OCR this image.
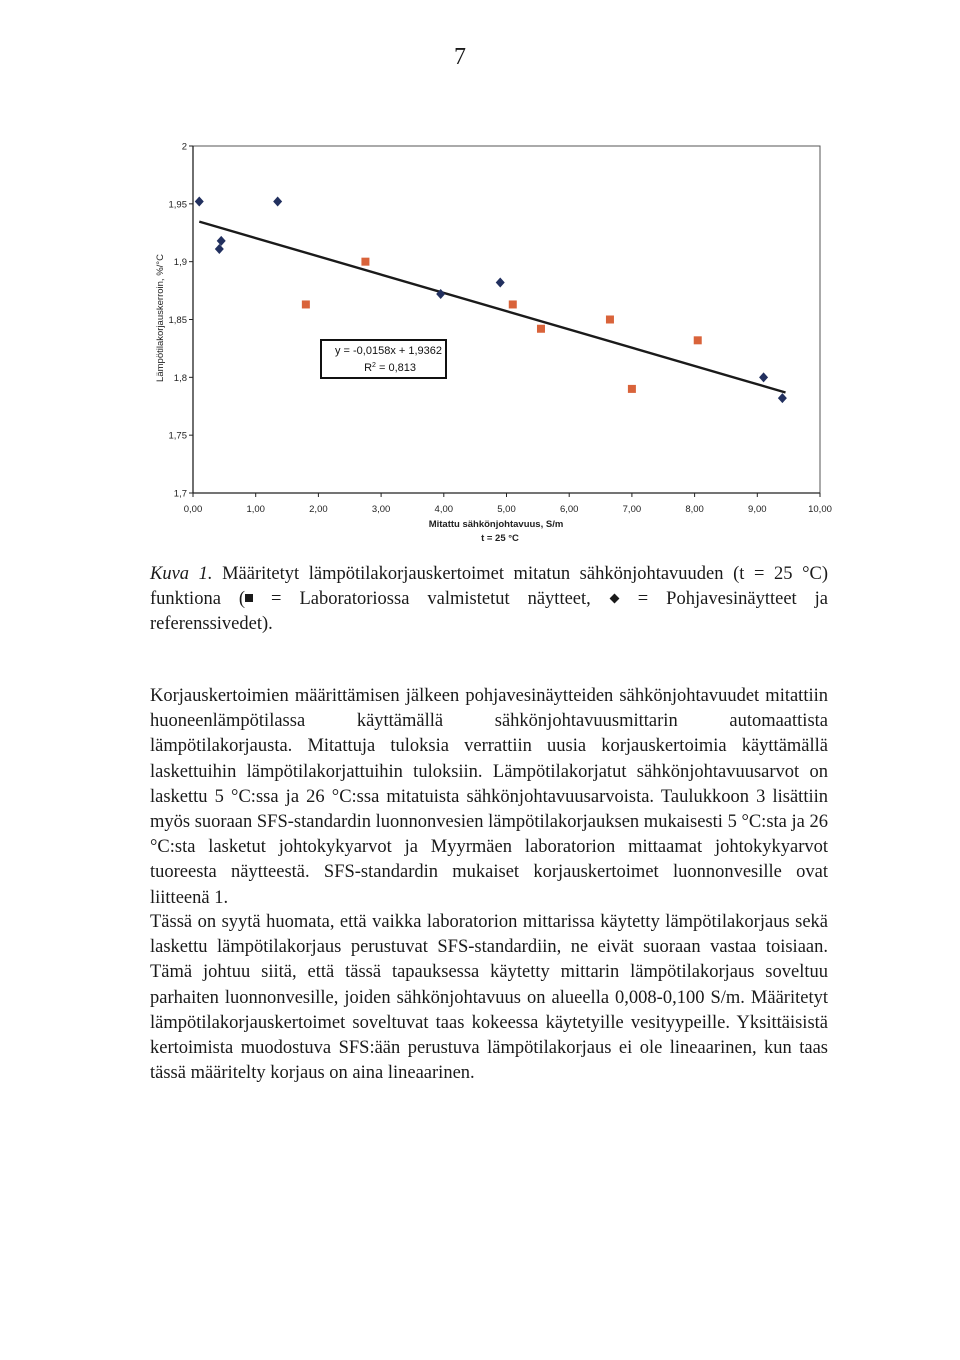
7
0,00	1,00	2,00	3,00	4,00	5,00	6,00	7,00	8,00	9,00	10,00
1,7
1,75
1,8
1,85
1,9
1,95
2
y = -0,0158x + 1,9362
$R^2 = 0,813$
Mitattu sähkönjohtavuus, S/m
t = 25 °C
Lämpötilakorjauskerroin, %/°C
Kuva 1. Määritetyt lämpötilakorjauskertoimet mitatun sähkönjohtavuuden (t = 25 °C) funktiona ( = Laboratoriossa valmistetut näytteet,  = Pohjavesinäytteet ja referenssivedet).
Korjauskertoimien määrittämisen jälkeen pohjavesinäytteiden sähkönjohtavuudet mitattiin huoneenlämpötilassa käyttämällä sähkönjohtavuusmittarin automaattista lämpötilakorjausta. Mitattuja tuloksia verrattiin uusia korjauskertoimia käyttämällä laskettuihin lämpötilakorjattuihin tuloksiin. Lämpötilakorjatut sähkönjohtavuusarvot on laskettu 5 °C:ssa ja 26 °C:ssa mitatuista sähkönjohtavuusarvoista. Taulukkoon 3 lisättiin myös suoraan SFS-standardin luonnonvesien lämpötilakorjauksen mukaisesti 5 °C:sta ja 26 °C:sta lasketut johtokykyarvot ja Myyrmäen laboratorion mittaamat johtokykyarvot tuoreesta näytteestä. SFS-standardin mukaiset korjauskertoimet luonnonvesille ovat liitteenä 1.
Tässä on syytä huomata, että vaikka laboratorion mittarissa käytetty lämpötilakorjaus sekä laskettu lämpötilakorjaus perustuvat SFS-standardiin, ne eivät suoraan vastaa toisiaan. Tämä johtuu siitä, että tässä tapauksessa käytetty mittarin lämpötilakorjaus soveltuu parhaiten luonnonvesille, joiden sähkönjohtavuus on alueella 0,008-0,100 S/m. Määritetyt lämpötilakorjauskertoimet soveltuvat taas kokeessa käytetyille vesityypeille. Yksittäisistä kertoimista muodostuva SFS:ään perustuva lämpötilakorjaus ei ole lineaarinen, kun taas tässä määritelty korjaus on aina lineaarinen.
